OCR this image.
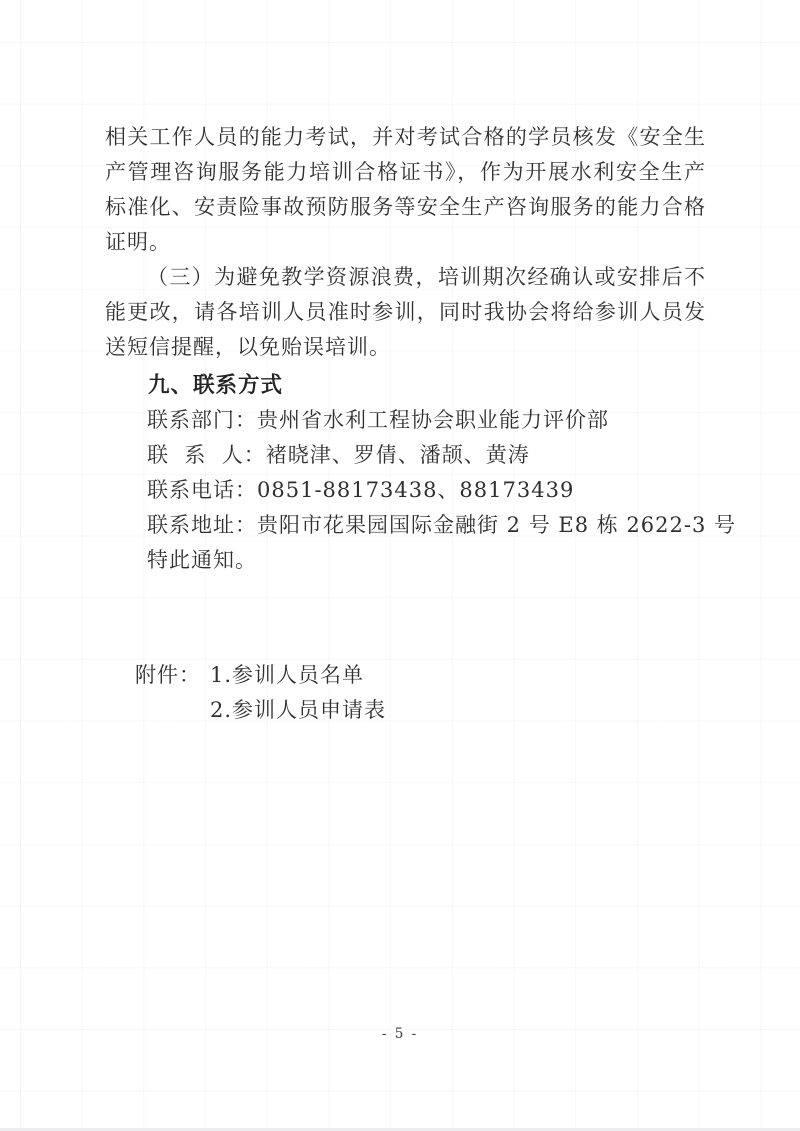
相关工作人员的能力考试，并对考试合格的学员核发《安全生产管理咨询服务能力培训合格证书》，作为开展水利安全生产标准化、安责险事故预防服务等安全生产咨询服务的能力合格证明。

（三）为避免教学资源浪费，培训期次经确认或安排后不能更改，请各培训人员准时参训，同时我协会将给参训人员发送短信提醒，以免贻误培训。

九、联系方式

联系部门：贵州省水利工程协会职业能力评价部

联  系  人：褚晓津、罗倩、潘颉、黄涛

联系电话：0851-88173438、88173439

联系地址：贵阳市花果园国际金融街 2 号 E8 栋 2622-3 号

特此通知。

附件： 1.参训人员名单
2.参训人员申请表
- 5 -
